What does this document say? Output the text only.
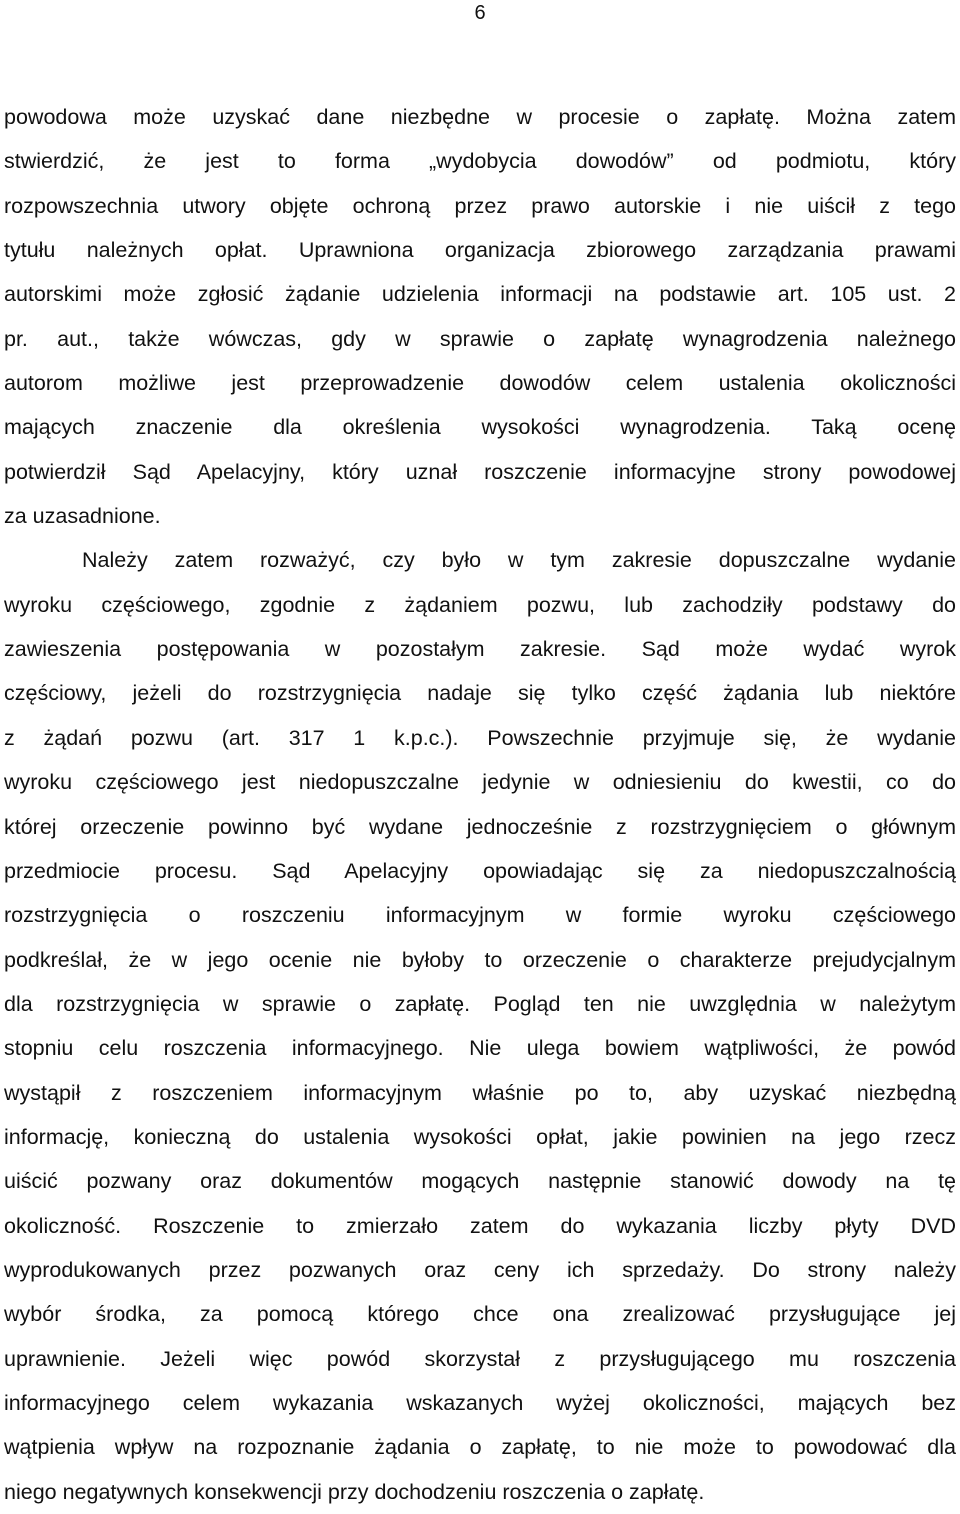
6
powodowa może uzyskać dane niezbędne w procesie o zapłatę. Można zatem
stwierdzić, że jest to forma „wydobycia dowodów” od podmiotu, który
rozpowszechnia utwory objęte ochroną przez prawo autorskie i nie uiścił z tego
tytułu należnych opłat. Uprawniona organizacja zbiorowego zarządzania prawami
autorskimi może zgłosić żądanie udzielenia informacji na podstawie art. 105 ust. 2
pr. aut., także wówczas, gdy w sprawie o zapłatę wynagrodzenia należnego
autorom możliwe jest przeprowadzenie dowodów celem ustalenia okoliczności
mających znaczenie dla określenia wysokości wynagrodzenia. Taką ocenę
potwierdził Sąd Apelacyjny, który uznał roszczenie informacyjne strony powodowej
za uzasadnione.
Należy zatem rozważyć, czy było w tym zakresie dopuszczalne wydanie
wyroku częściowego, zgodnie z żądaniem pozwu, lub zachodziły podstawy do
zawieszenia postępowania w pozostałym zakresie. Sąd może wydać wyrok
częściowy, jeżeli do rozstrzygnięcia nadaje się tylko część żądania lub niektóre
z żądań pozwu (art. 317 1 k.p.c.). Powszechnie przyjmuje się, że wydanie
wyroku częściowego jest niedopuszczalne jedynie w odniesieniu do kwestii, co do
której orzeczenie powinno być wydane jednocześnie z rozstrzygnięciem o głównym
przedmiocie procesu. Sąd Apelacyjny opowiadając się za niedopuszczalnością
rozstrzygnięcia o roszczeniu informacyjnym w formie wyroku częściowego
podkreślał, że w jego ocenie nie byłoby to orzeczenie o charakterze prejudycjalnym
dla rozstrzygnięcia w sprawie o zapłatę. Pogląd ten nie uwzględnia w należytym
stopniu celu roszczenia informacyjnego. Nie ulega bowiem wątpliwości, że powód
wystąpił z roszczeniem informacyjnym właśnie po to, aby uzyskać niezbędną
informację, konieczną do ustalenia wysokości opłat, jakie powinien na jego rzecz
uiścić pozwany oraz dokumentów mogących następnie stanowić dowody na tę
okoliczność. Roszczenie to zmierzało zatem do wykazania liczby płyty DVD
wyprodukowanych przez pozwanych oraz ceny ich sprzedaży. Do strony należy
wybór środka, za pomocą którego chce ona zrealizować przysługujące jej
uprawnienie. Jeżeli więc powód skorzystał z przysługującego mu roszczenia
informacyjnego celem wykazania wskazanych wyżej okoliczności, mających bez
wątpienia wpływ na rozpoznanie żądania o zapłatę, to nie może to powodować dla
niego negatywnych konsekwencji przy dochodzeniu roszczenia o zapłatę.
